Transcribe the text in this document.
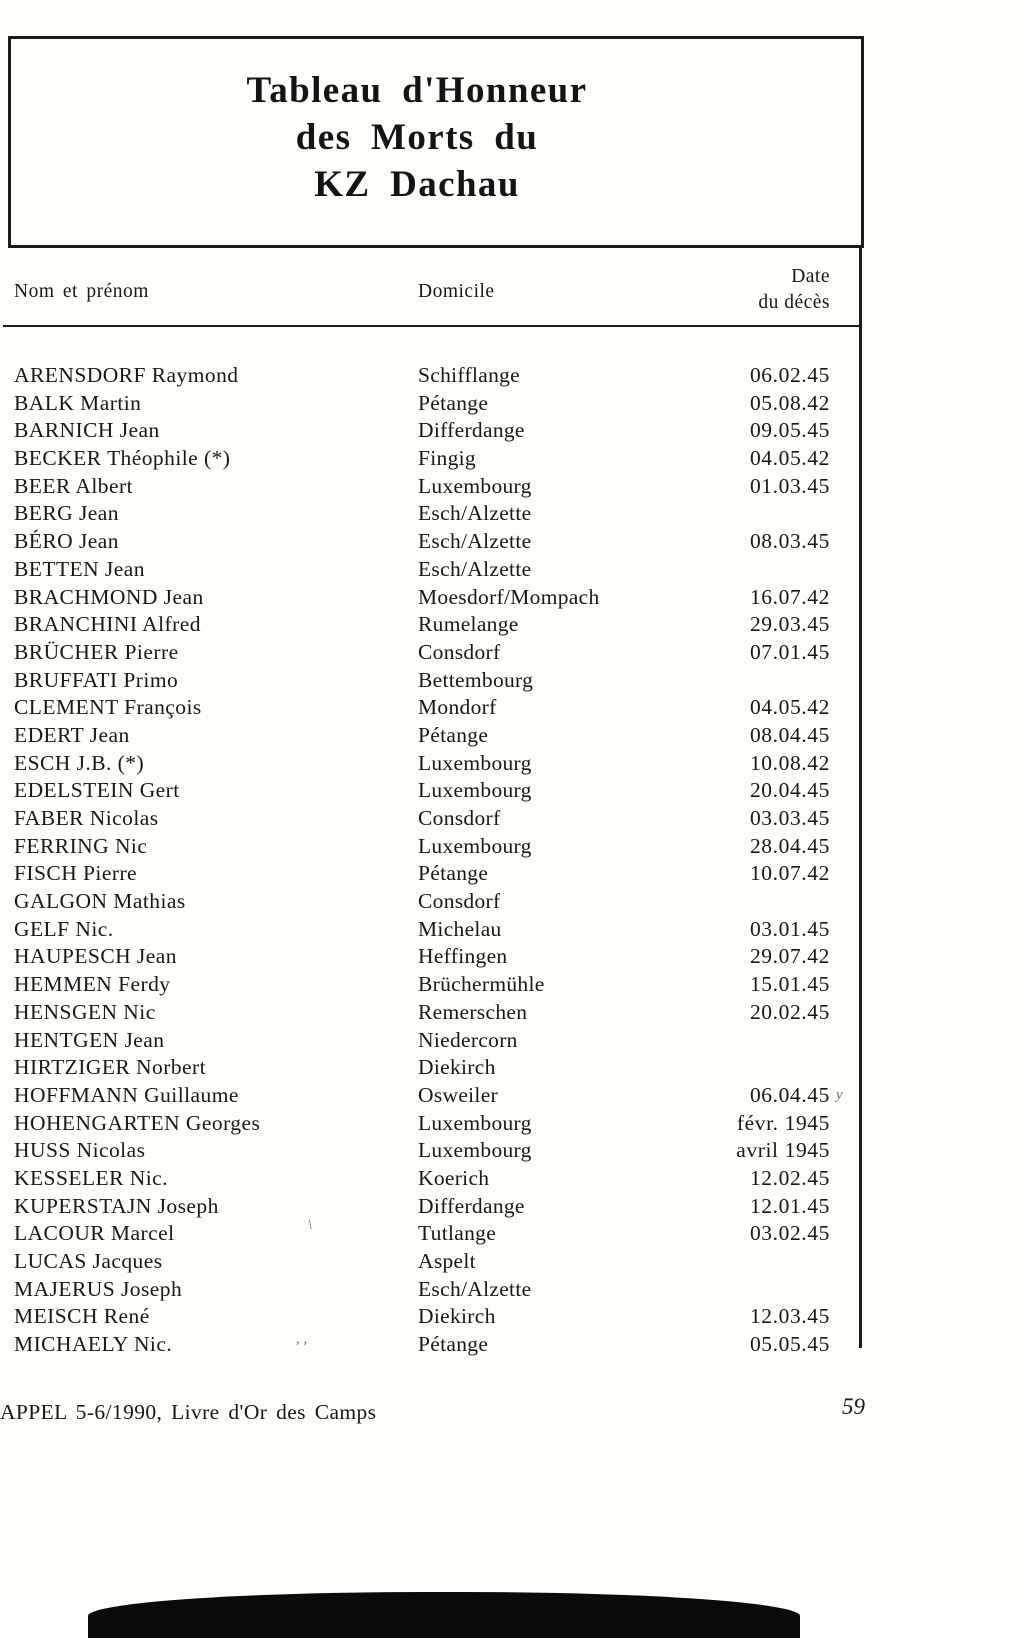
Tableau d'Honneur
des Morts du
KZ Dachau
Nom et prénom	Domicile
Date
du décès
ARENSDORF Raymond	Schifflange	06.02.45
BALK Martin	Pétange	05.08.42
BARNICH Jean	Differdange	09.05.45
BECKER Théophile (*)	Fingig	04.05.42
BEER Albert	Luxembourg	01.03.45
BERG Jean	Esch/Alzette
BÉRO Jean	Esch/Alzette	08.03.45
BETTEN Jean	Esch/Alzette
BRACHMOND Jean	Moesdorf/Mompach	16.07.42
BRANCHINI Alfred	Rumelange	29.03.45
BRÜCHER Pierre	Consdorf	07.01.45
BRUFFATI Primo	Bettembourg
CLEMENT François	Mondorf	04.05.42
EDERT Jean	Pétange	08.04.45
ESCH J.B. (*)	Luxembourg	10.08.42
EDELSTEIN Gert	Luxembourg	20.04.45
FABER Nicolas	Consdorf	03.03.45
FERRING Nic	Luxembourg	28.04.45
FISCH Pierre	Pétange	10.07.42
GALGON Mathias	Consdorf
GELF Nic.	Michelau	03.01.45
HAUPESCH Jean	Heffingen	29.07.42
HEMMEN Ferdy	Brüchermühle	15.01.45
HENSGEN Nic	Remerschen	20.02.45
HENTGEN Jean	Niedercorn
HIRTZIGER Norbert	Diekirch
HOFFMANN Guillaume	Osweiler	06.04.45
HOHENGARTEN Georges	Luxembourg	févr. 1945
HUSS Nicolas	Luxembourg	avril 1945
KESSELER Nic.	Koerich	12.02.45
KUPERSTAJN Joseph	Differdange	12.01.45
LACOUR Marcel	Tutlange	03.02.45
LUCAS Jacques	Aspelt
MAJERUS Joseph	Esch/Alzette
MEISCH René	Diekirch	12.03.45
MICHAELY Nic.	Pétange	05.05.45
APPEL 5-6/1990, Livre d'Or des Camps	59
y
\
, ,
